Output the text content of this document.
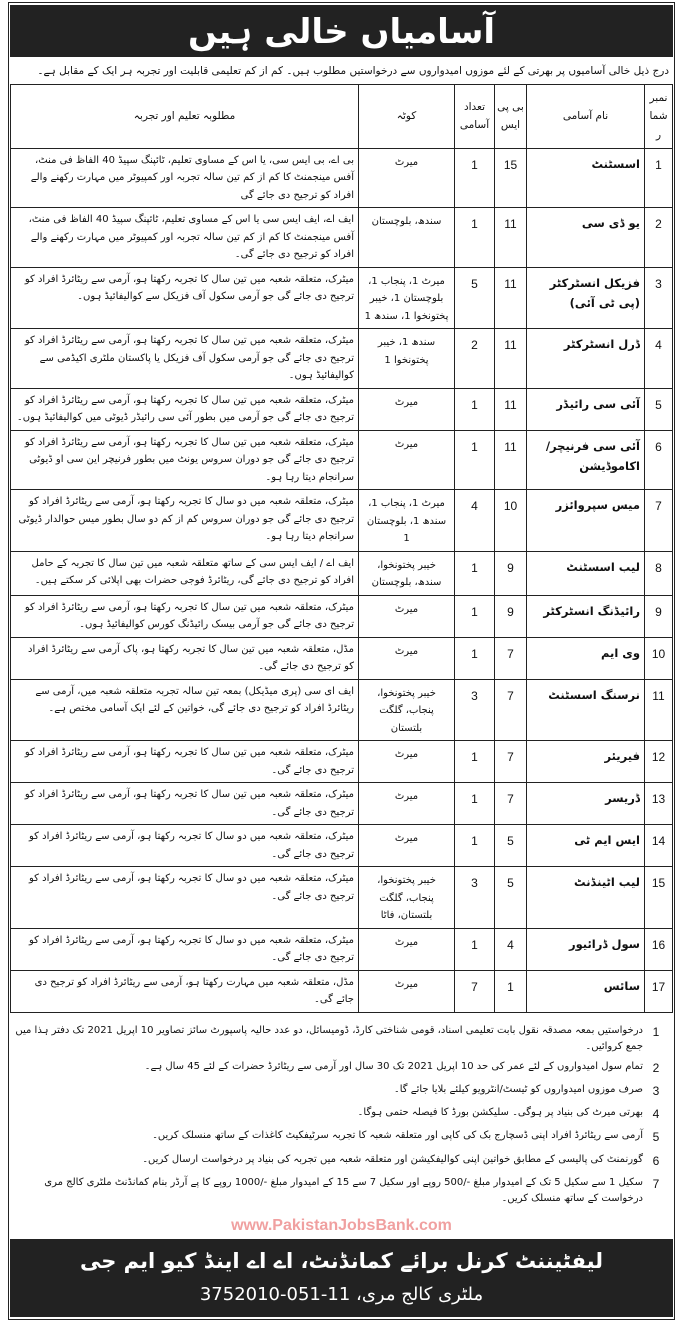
آسامیاں خالی ہیں
درج ذیل خالی آسامیوں پر بھرتی کے لئے موزوں امیدواروں سے درخواستیں مطلوب ہیں۔ کم از کم تعلیمی قابلیت اور تجربہ ہر ایک کے مقابل ہے۔
نمبر شمار	نام آسامی	بی پی ایس	تعداد آسامی	کوٹہ	مطلوبہ تعلیم اور تجربہ
1	اسسٹنٹ	15	1	میرٹ	بی اے، بی ایس سی، یا اس کے مساوی تعلیم، ٹائپنگ سپیڈ 40 الفاظ فی منٹ، آفس مینجمنٹ کا کم از کم تین سالہ تجربہ اور کمپیوٹر میں مہارت رکھنے والے افراد کو ترجیح دی جائے گی
2	یو ڈی سی	11	1	سندھ، بلوچستان	ایف اے، ایف ایس سی یا اس کے مساوی تعلیم، ٹائپنگ سپیڈ 40 الفاظ فی منٹ، آفس مینجمنٹ کا کم از کم تین سالہ تجربہ اور کمپیوٹر میں مہارت رکھنے والے افراد کو ترجیح دی جائے گی۔
3	فزیکل انسٹرکٹر (پی ٹی آئی)	11	5	میرٹ 1، پنجاب 1، بلوچستان 1، خیبر پختونخوا 1، سندھ 1	میٹرک، متعلقہ شعبہ میں تین سال کا تجربہ رکھتا ہو، آرمی سے ریٹائرڈ افراد کو ترجیح دی جائے گی جو آرمی سکول آف فزیکل سے کوالیفائیڈ ہوں۔
4	ڈرل انسٹرکٹر	11	2	سندھ 1، خیبر پختونخوا 1	میٹرک، متعلقہ شعبہ میں تین سال کا تجربہ رکھتا ہو، آرمی سے ریٹائرڈ افراد کو ترجیح دی جائے گی جو آرمی سکول آف فزیکل یا پاکستان ملٹری اکیڈمی سے کوالیفائیڈ ہوں۔
5	آئی سی رائیڈر	11	1	میرٹ	میٹرک، متعلقہ شعبہ میں تین سال کا تجربہ رکھتا ہو، آرمی سے ریٹائرڈ افراد کو ترجیح دی جائے گی جو آرمی میں بطور آئی سی رائیڈر ڈیوٹی میں کوالیفائیڈ ہوں۔
6	آئی سی فرنیچر/اکاموڈیشن	11	1	میرٹ	میٹرک، متعلقہ شعبہ میں تین سال کا تجربہ رکھتا ہو، آرمی سے ریٹائرڈ افراد کو ترجیح دی جائے گی جو دوران سروس یونٹ میں بطور فرنیچر این سی او ڈیوٹی سرانجام دیتا رہا ہو۔
7	میس سپروائزر	10	4	میرٹ 1، پنجاب 1، سندھ 1، بلوچستان 1	میٹرک، متعلقہ شعبہ میں دو سال کا تجربہ رکھتا ہو، آرمی سے ریٹائرڈ افراد کو ترجیح دی جائے گی جو دوران سروس کم از کم دو سال بطور میس حوالدار ڈیوٹی سرانجام دیتا رہا ہو۔
8	لیب اسسٹنٹ	9	1	خیبر پختونخوا، سندھ، بلوچستان	ایف اے / ایف ایس سی کے ساتھ متعلقہ شعبہ میں تین سال کا تجربہ کے حامل افراد کو ترجیح دی جائے گی، ریٹائرڈ فوجی حضرات بھی اپلائی کر سکتے ہیں۔
9	رائیڈنگ انسٹرکٹر	9	1	میرٹ	میٹرک، متعلقہ شعبہ میں تین سال کا تجربہ رکھتا ہو، آرمی سے ریٹائرڈ افراد کو ترجیح دی جائے گی جو آرمی بیسک رائیڈنگ کورس کوالیفائیڈ ہوں۔
10	وی ایم	7	1	میرٹ	مڈل، متعلقہ شعبہ میں تین سال کا تجربہ رکھتا ہو، پاک آرمی سے ریٹائرڈ افراد کو ترجیح دی جائے گی۔
11	نرسنگ اسسٹنٹ	7	3	خیبر پختونخوا، پنجاب، گلگت بلتستان	ایف ای سی (پری میڈیکل) بمعہ تین سالہ تجربہ متعلقہ شعبہ میں، آرمی سے ریٹائرڈ افراد کو ترجیح دی جائے گی، خواتین کے لئے ایک آسامی مختص ہے۔
12	فیریئر	7	1	میرٹ	میٹرک، متعلقہ شعبہ میں تین سال کا تجربہ رکھتا ہو، آرمی سے ریٹائرڈ افراد کو ترجیح دی جائے گی۔
13	ڈریسر	7	1	میرٹ	میٹرک، متعلقہ شعبہ میں تین سال کا تجربہ رکھتا ہو، آرمی سے ریٹائرڈ افراد کو ترجیح دی جائے گی۔
14	ایس ایم ٹی	5	1	میرٹ	میٹرک، متعلقہ شعبہ میں دو سال کا تجربہ رکھتا ہو، آرمی سے ریٹائرڈ افراد کو ترجیح دی جائے گی۔
15	لیب اٹینڈنٹ	5	3	خیبر پختونخوا، پنجاب، گلگت بلتستان، فاٹا	میٹرک، متعلقہ شعبہ میں دو سال کا تجربہ رکھتا ہو، آرمی سے ریٹائرڈ افراد کو ترجیح دی جائے گی۔
16	سول ڈرائیور	4	1	میرٹ	میٹرک، متعلقہ شعبہ میں دو سال کا تجربہ رکھتا ہو، آرمی سے ریٹائرڈ افراد کو ترجیح دی جائے گی۔
17	سائس	1	7	میرٹ	مڈل، متعلقہ شعبہ میں مہارت رکھتا ہو، آرمی سے ریٹائرڈ افراد کو ترجیح دی جائے گی۔
1
درخواستیں بمعہ مصدقہ نقول بابت تعلیمی اسناد، قومی شناختی کارڈ، ڈومیسائل، دو عدد حالیہ پاسپورٹ سائز تصاویر 10 اپریل 2021 تک دفتر ہذا میں جمع کروائیں۔
2
تمام سول امیدواروں کے لئے عمر کی حد 10 اپریل 2021 تک 30 سال اور آرمی سے ریٹائرڈ حضرات کے لئے 45 سال ہے۔
3
صرف موزوں امیدواروں کو ٹیسٹ/انٹرویو کیلئے بلایا جائے گا۔
4
بھرتی میرٹ کی بنیاد پر ہوگی۔ سلیکشن بورڈ کا فیصلہ حتمی ہوگا۔
5
آرمی سے ریٹائرڈ افراد اپنی ڈسچارج بک کی کاپی اور متعلقہ شعبہ کا تجربہ سرٹیفکیٹ کاغذات کے ساتھ منسلک کریں۔
6
گورنمنٹ کی پالیسی کے مطابق خواتین اپنی کوالیفکیشن اور متعلقہ شعبہ میں تجربہ کی بنیاد پر درخواست ارسال کریں۔
7
سکیل 1 سے سکیل 5 تک کے امیدوار مبلغ -/500 روپے اور سکیل 7 سے 15 کے امیدوار مبلغ -/1000 روپے کا پے آرڈر بنام کمانڈنٹ ملٹری کالج مری درخواست کے ساتھ منسلک کریں۔
www.PakistanJobsBank.com
لیفٹیننٹ کرنل برائے کمانڈنٹ، اے اے اینڈ کیو ایم جی
ملٹری کالج مری، 11-051-3752010
